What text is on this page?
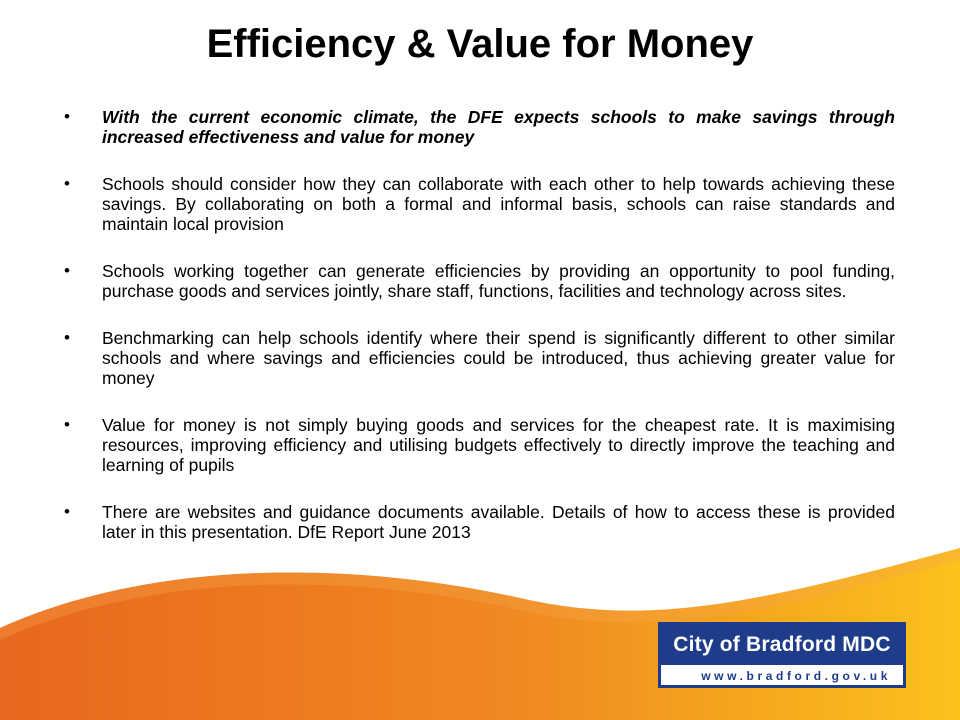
Efficiency & Value for Money
• With the current economic climate, the DFE expects schools to make savings through increased effectiveness and value for money
• Schools should consider how they can collaborate with each other to help towards achieving these savings. By collaborating on both a formal and informal basis, schools can raise standards and maintain local provision
• Schools working together can generate efficiencies by providing an opportunity to pool funding, purchase goods and services jointly, share staff, functions, facilities and technology across sites.
• Benchmarking can help schools identify where their spend is significantly different to other similar schools and where savings and efficiencies could be introduced, thus achieving greater value for money
• Value for money is not simply buying goods and services for the cheapest rate. It is maximising resources, improving efficiency and utilising budgets effectively to directly improve the teaching and learning of pupils
• There are websites and guidance documents available. Details of how to access these is provided later in this presentation. DfE Report June 2013
City of Bradford MDC
www.bradford.gov.uk
